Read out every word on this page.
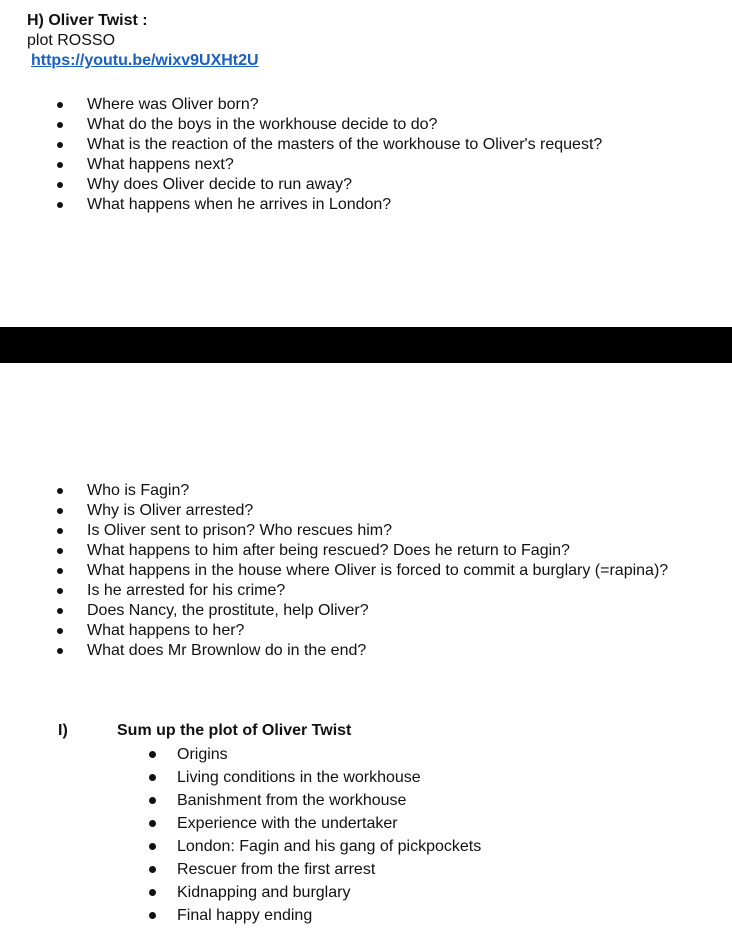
H) Oliver Twist :

plot ROSSO

https://youtu.be/wixv9UXHt2U
Where was Oliver born?
What do the boys in the workhouse decide to do?
What is the reaction of the masters of the workhouse to Oliver's request?
What happens next?
Why does Oliver decide to run away?
What happens when he arrives in London?
Who is Fagin?
Why is Oliver arrested?
Is Oliver sent to prison? Who rescues him?
What happens to him after being rescued? Does he return to Fagin?
What happens in the house where Oliver is forced to commit a burglary (=rapina)?
Is he arrested for his crime?
Does Nancy, the prostitute, help Oliver?
What happens to her?
What does Mr Brownlow do in the end?
I)	Sum up the plot of Oliver Twist
Origins
Living conditions in the workhouse
Banishment from the workhouse
Experience with the undertaker
London: Fagin and his gang of pickpockets
Rescuer from the first arrest
Kidnapping and burglary
Final happy ending
